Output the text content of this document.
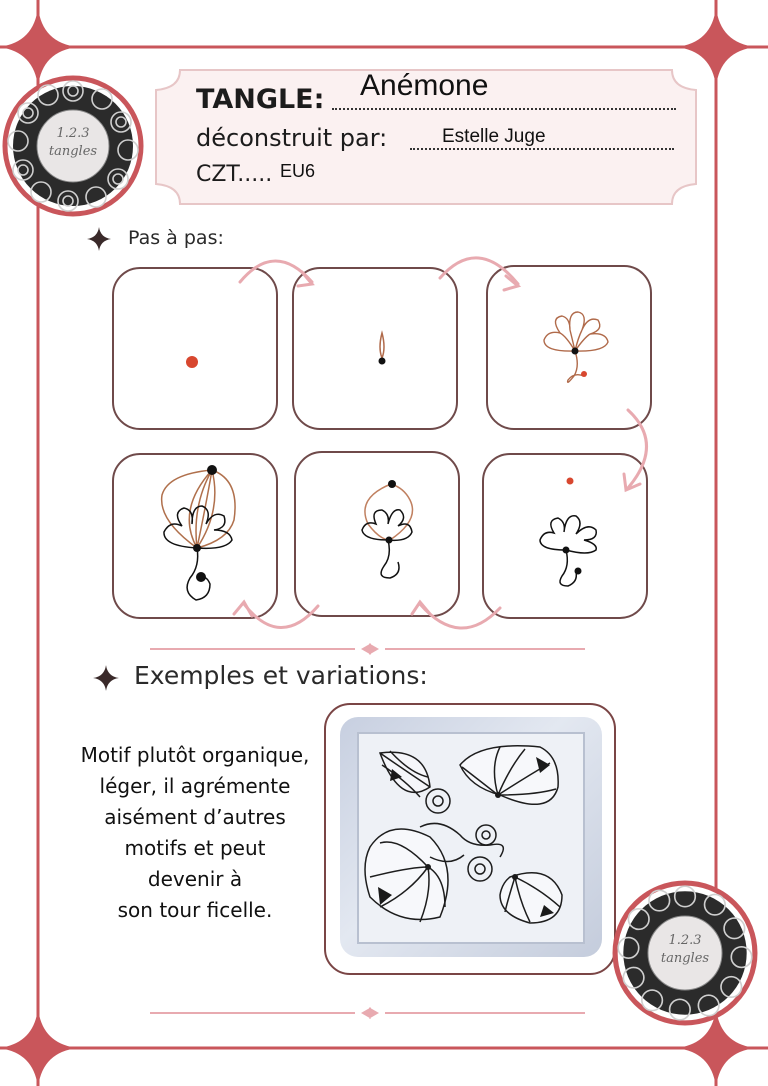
1.2.3
tangles
TANGLE: Anémone
déconstruit par:	Estelle Juge
CZT..... EU6
Pas à pas:
Exemples et variations:
Motif plutôt organique,
léger, il agrémente
aisément d’autres
motifs et peut
devenir à
son tour ficelle.
1.2.3
tangles
